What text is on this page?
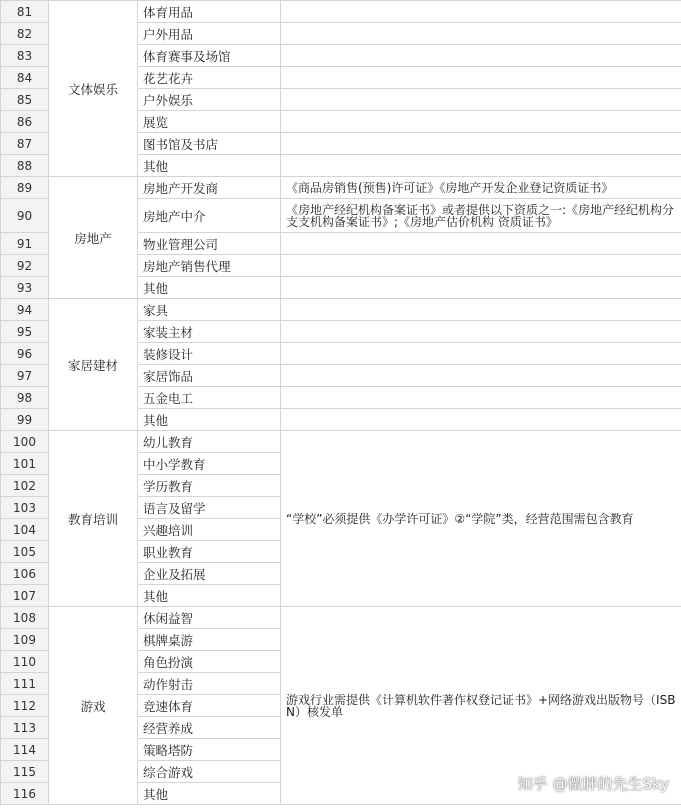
81	文体娱乐	体育用品	
82		户外用品	
83		体育赛事及场馆	
84		花艺花卉	
85		户外娱乐	
86		展览	
87		图书馆及书店	
88		其他	
89	房地产	房地产开发商	《商品房销售(预售)许可证》《房地产开发企业登记资质证书》
90		房地产中介	《房地产经纪机构备案证书》或者提供以下资质之一:《房地产经纪机构分支支机构备案证书》;《房地产估价机构 资质证书》
91		物业管理公司	
92		房地产销售代理	
93		其他	
94	家居建材	家具	
95		家装主材	
96		装修设计	
97		家居饰品	
98		五金电工	
99		其他	
100	教育培训	幼儿教育	“学校”必须提供《办学许可证》②“学院”类，经营范围需包含教育
101		中小学教育	
102		学历教育	
103		语言及留学	
104		兴趣培训	
105		职业教育	
106		企业及拓展	
107		其他	
108	游戏	休闲益智	游戏行业需提供《计算机软件著作权登记证书》+网络游戏出版物号（ISBN）核发单
109		棋牌桌游	
110		角色扮演	
111		动作射击	
112		竞速体育	
113		经营养成	
114		策略塔防	
115		综合游戏	
116		其他	
知乎 @微胖的先生Sky
